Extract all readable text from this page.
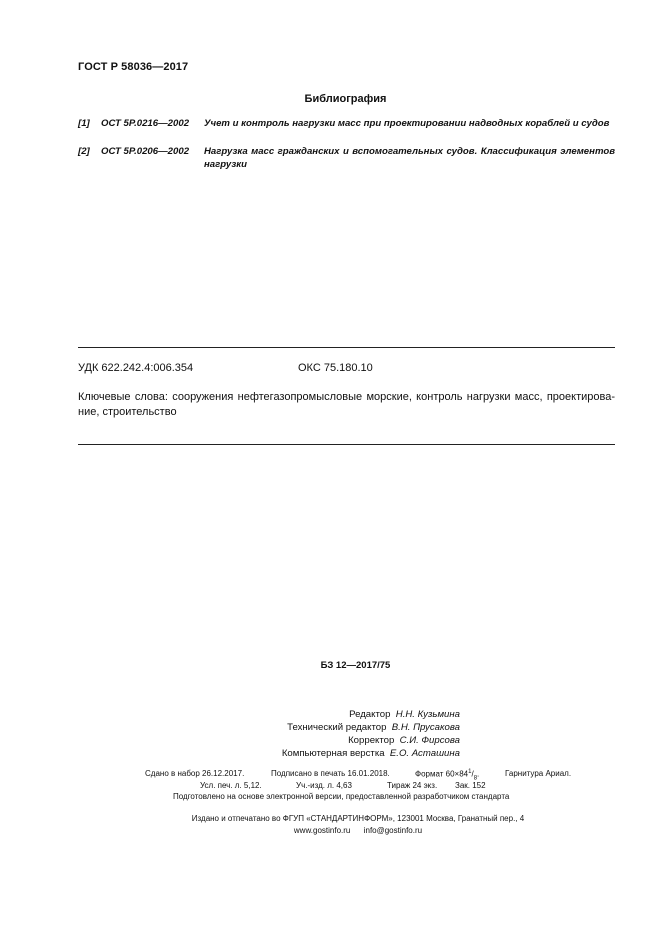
ГОСТ Р 58036—2017
Библиография
[1] ОСТ 5Р.0216—2002 Учет и контроль нагрузки масс при проектировании надводных кораблей и судов
[2] ОСТ 5Р.0206—2002 Нагрузка масс гражданских и вспомогательных судов. Классификация элементов нагрузки
УДК 622.242.4:006.354	ОКС 75.180.10
Ключевые слова: сооружения нефтегазопромысловые морские, контроль нагрузки масс, проектирова-
ние, строительство
БЗ 12—2017/75
Редактор Н.Н. Кузьмина
Технический редактор В.Н. Прусакова
Корректор С.И. Фирсова
Компьютерная верстка Е.О. Асташина
Сдано в набор 26.12.2017.	Подписано в печать 16.01.2018.	Формат $60\times 84^1/_8$.	Гарнитура Ариал.
Усл. печ. л. 5,12.	Уч.-изд. л. 4,63	Тираж 24 экз. Зак. 152
Подготовлено на основе электронной версии, предоставленной разработчиком стандарта
Издано и отпечатано во ФГУП «СТАНДАРТИНФОРМ», 123001 Москва, Гранатный пер., 4
www.gostinfo.ru      info@gostinfo.ru
